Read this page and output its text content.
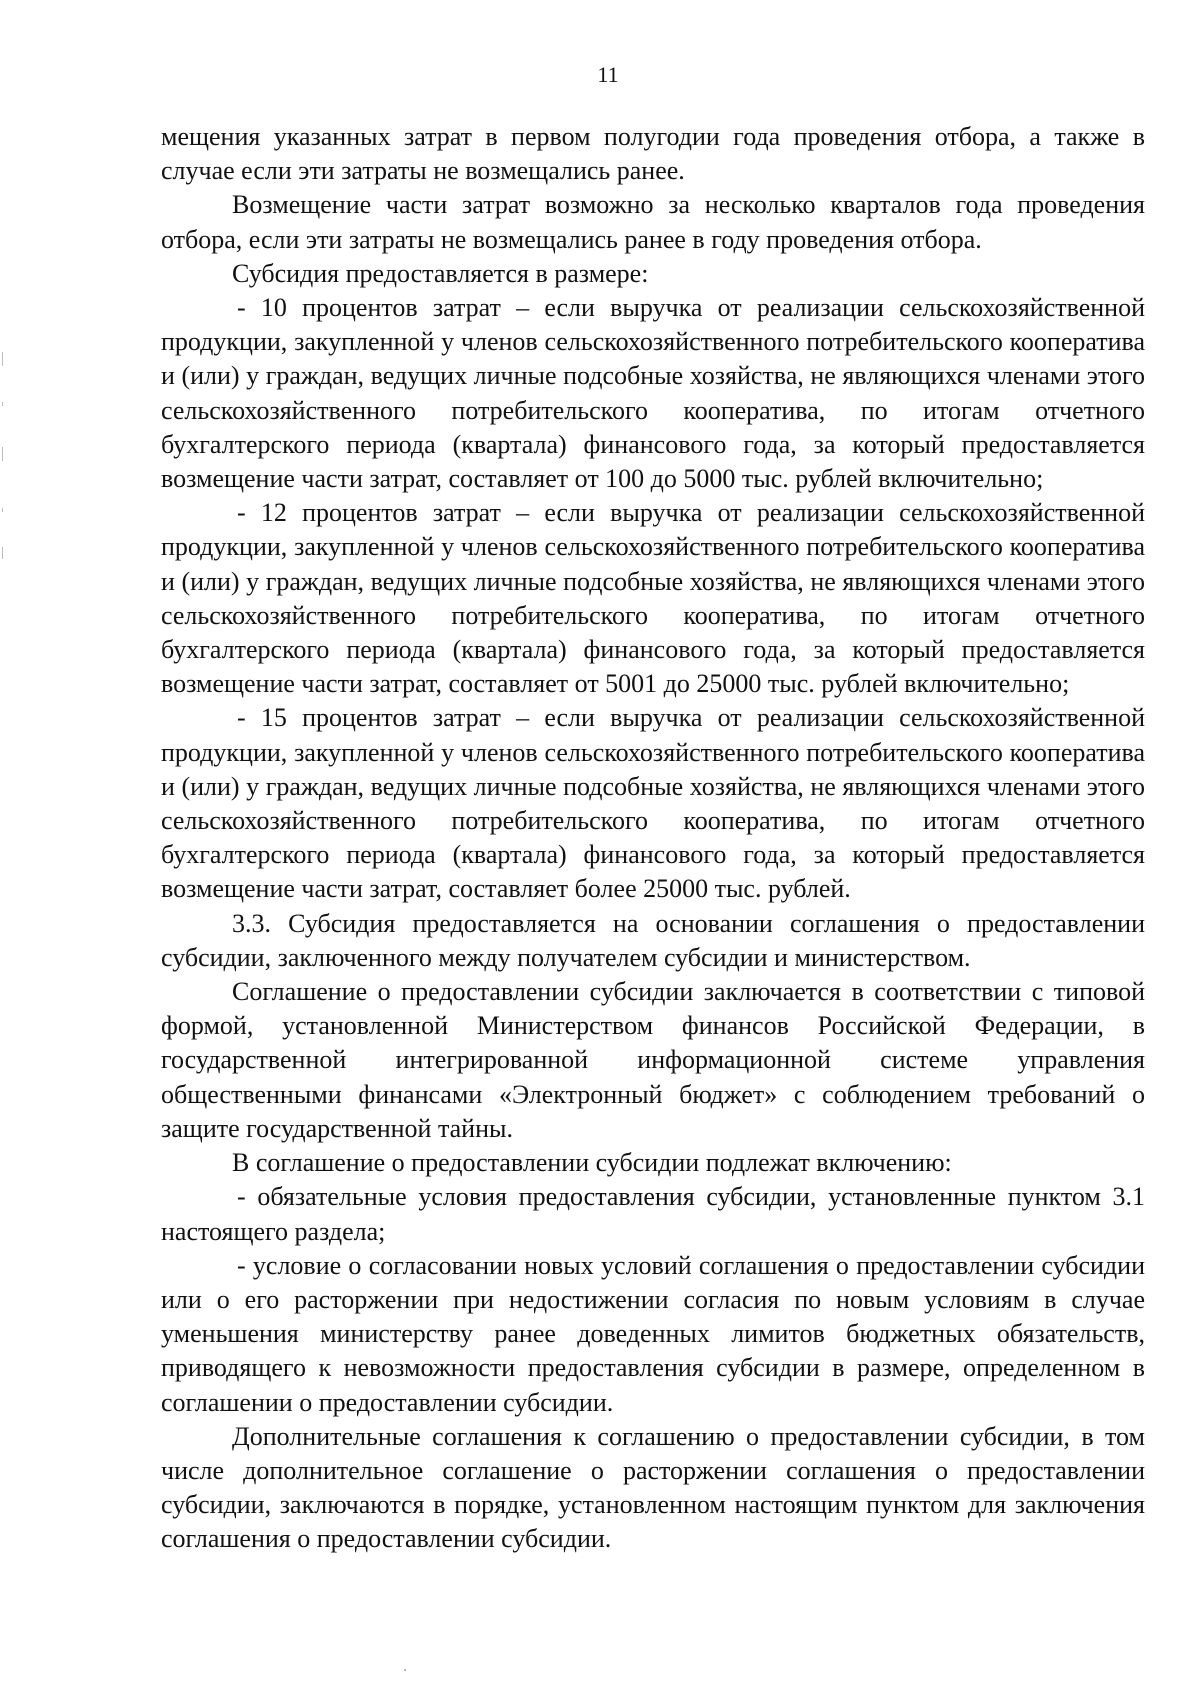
11

мещения указанных затрат в первом полугодии года проведения отбора, а также в случае если эти затраты не возмещались ранее.

Возмещение части затрат возможно за несколько кварталов года проведения отбора, если эти затраты не возмещались ранее в году проведения отбора.

Субсидия предоставляется в размере:

- 10 процентов затрат – если выручка от реализации сельскохозяйственной продукции, закупленной у членов сельскохозяйственного потребительского кооператива и (или) у граждан, ведущих личные подсобные хозяйства, не являющихся членами этого сельскохозяйственного потребительского кооператива, по итогам отчетного бухгалтерского периода (квартала) финансового года, за который предоставляется возмещение части затрат, составляет от 100 до 5000 тыс. рублей включительно;

- 12 процентов затрат – если выручка от реализации сельскохозяйственной продукции, закупленной у членов сельскохозяйственного потребительского кооператива и (или) у граждан, ведущих личные подсобные хозяйства, не являющихся членами этого сельскохозяйственного потребительского кооператива, по итогам отчетного бухгалтерского периода (квартала) финансового года, за который предоставляется возмещение части затрат, составляет от 5001 до 25000 тыс. рублей включительно;

- 15 процентов затрат – если выручка от реализации сельскохозяйственной продукции, закупленной у членов сельскохозяйственного потребительского кооператива и (или) у граждан, ведущих личные подсобные хозяйства, не являющихся членами этого сельскохозяйственного потребительского кооператива, по итогам отчетного бухгалтерского периода (квартала) финансового года, за который предоставляется возмещение части затрат, составляет более 25000 тыс. рублей.

3.3. Субсидия предоставляется на основании соглашения о предоставлении субсидии, заключенного между получателем субсидии и министерством.

Соглашение о предоставлении субсидии заключается в соответствии с типовой формой, установленной Министерством финансов Российской Федерации, в государственной интегрированной информационной системе управления общественными финансами «Электронный бюджет» с соблюдением требований о защите государственной тайны.

В соглашение о предоставлении субсидии подлежат включению:

- обязательные условия предоставления субсидии, установленные пунктом 3.1 настоящего раздела;

- условие о согласовании новых условий соглашения о предоставлении субсидии или о его расторжении при недостижении согласия по новым условиям в случае уменьшения министерству ранее доведенных лимитов бюджетных обязательств, приводящего к невозможности предоставления субсидии в размере, определенном в соглашении о предоставлении субсидии.

Дополнительные соглашения к соглашению о предоставлении субсидии, в том числе дополнительное соглашение о расторжении соглашения о предоставлении субсидии, заключаются в порядке, установленном настоящим пунктом для заключения соглашения о предоставлении субсидии.
